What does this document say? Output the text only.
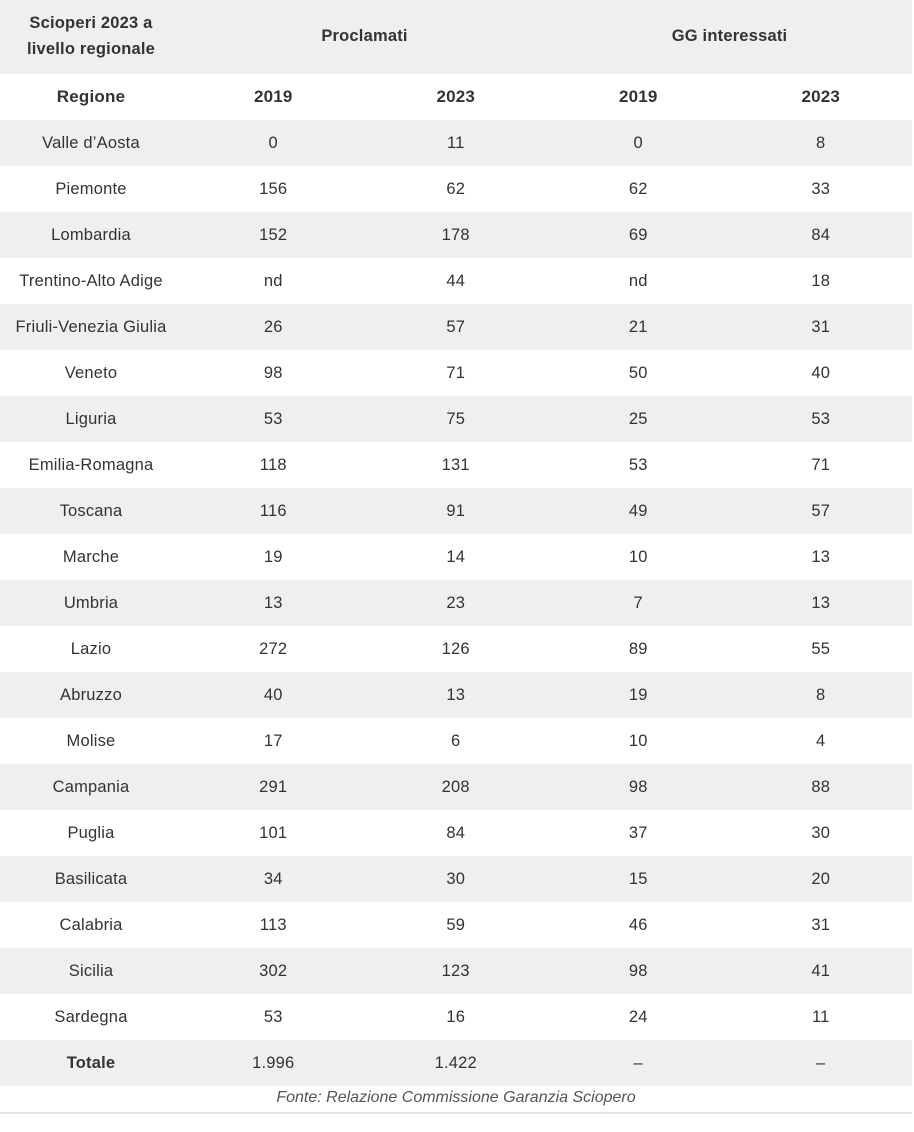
Scioperi 2023 a
livello regionale	Proclamati		GG interessati	
Regione	2019	2023	2019	2023
Valle d’Aosta	0	11	0	8
Piemonte	156	62	62	33
Lombardia	152	178	69	84
Trentino-Alto Adige	nd	44	nd	18
Friuli-Venezia Giulia	26	57	21	31
Veneto	98	71	50	40
Liguria	53	75	25	53
Emilia-Romagna	118	131	53	71
Toscana	116	91	49	57
Marche	19	14	10	13
Umbria	13	23	7	13
Lazio	272	126	89	55
Abruzzo	40	13	19	8
Molise	17	6	10	4
Campania	291	208	98	88
Puglia	101	84	37	30
Basilicata	34	30	15	20
Calabria	113	59	46	31
Sicilia	302	123	98	41
Sardegna	53	16	24	11
Totale	1.996	1.422	–	–
Fonte: Relazione Commissione Garanzia Sciopero
